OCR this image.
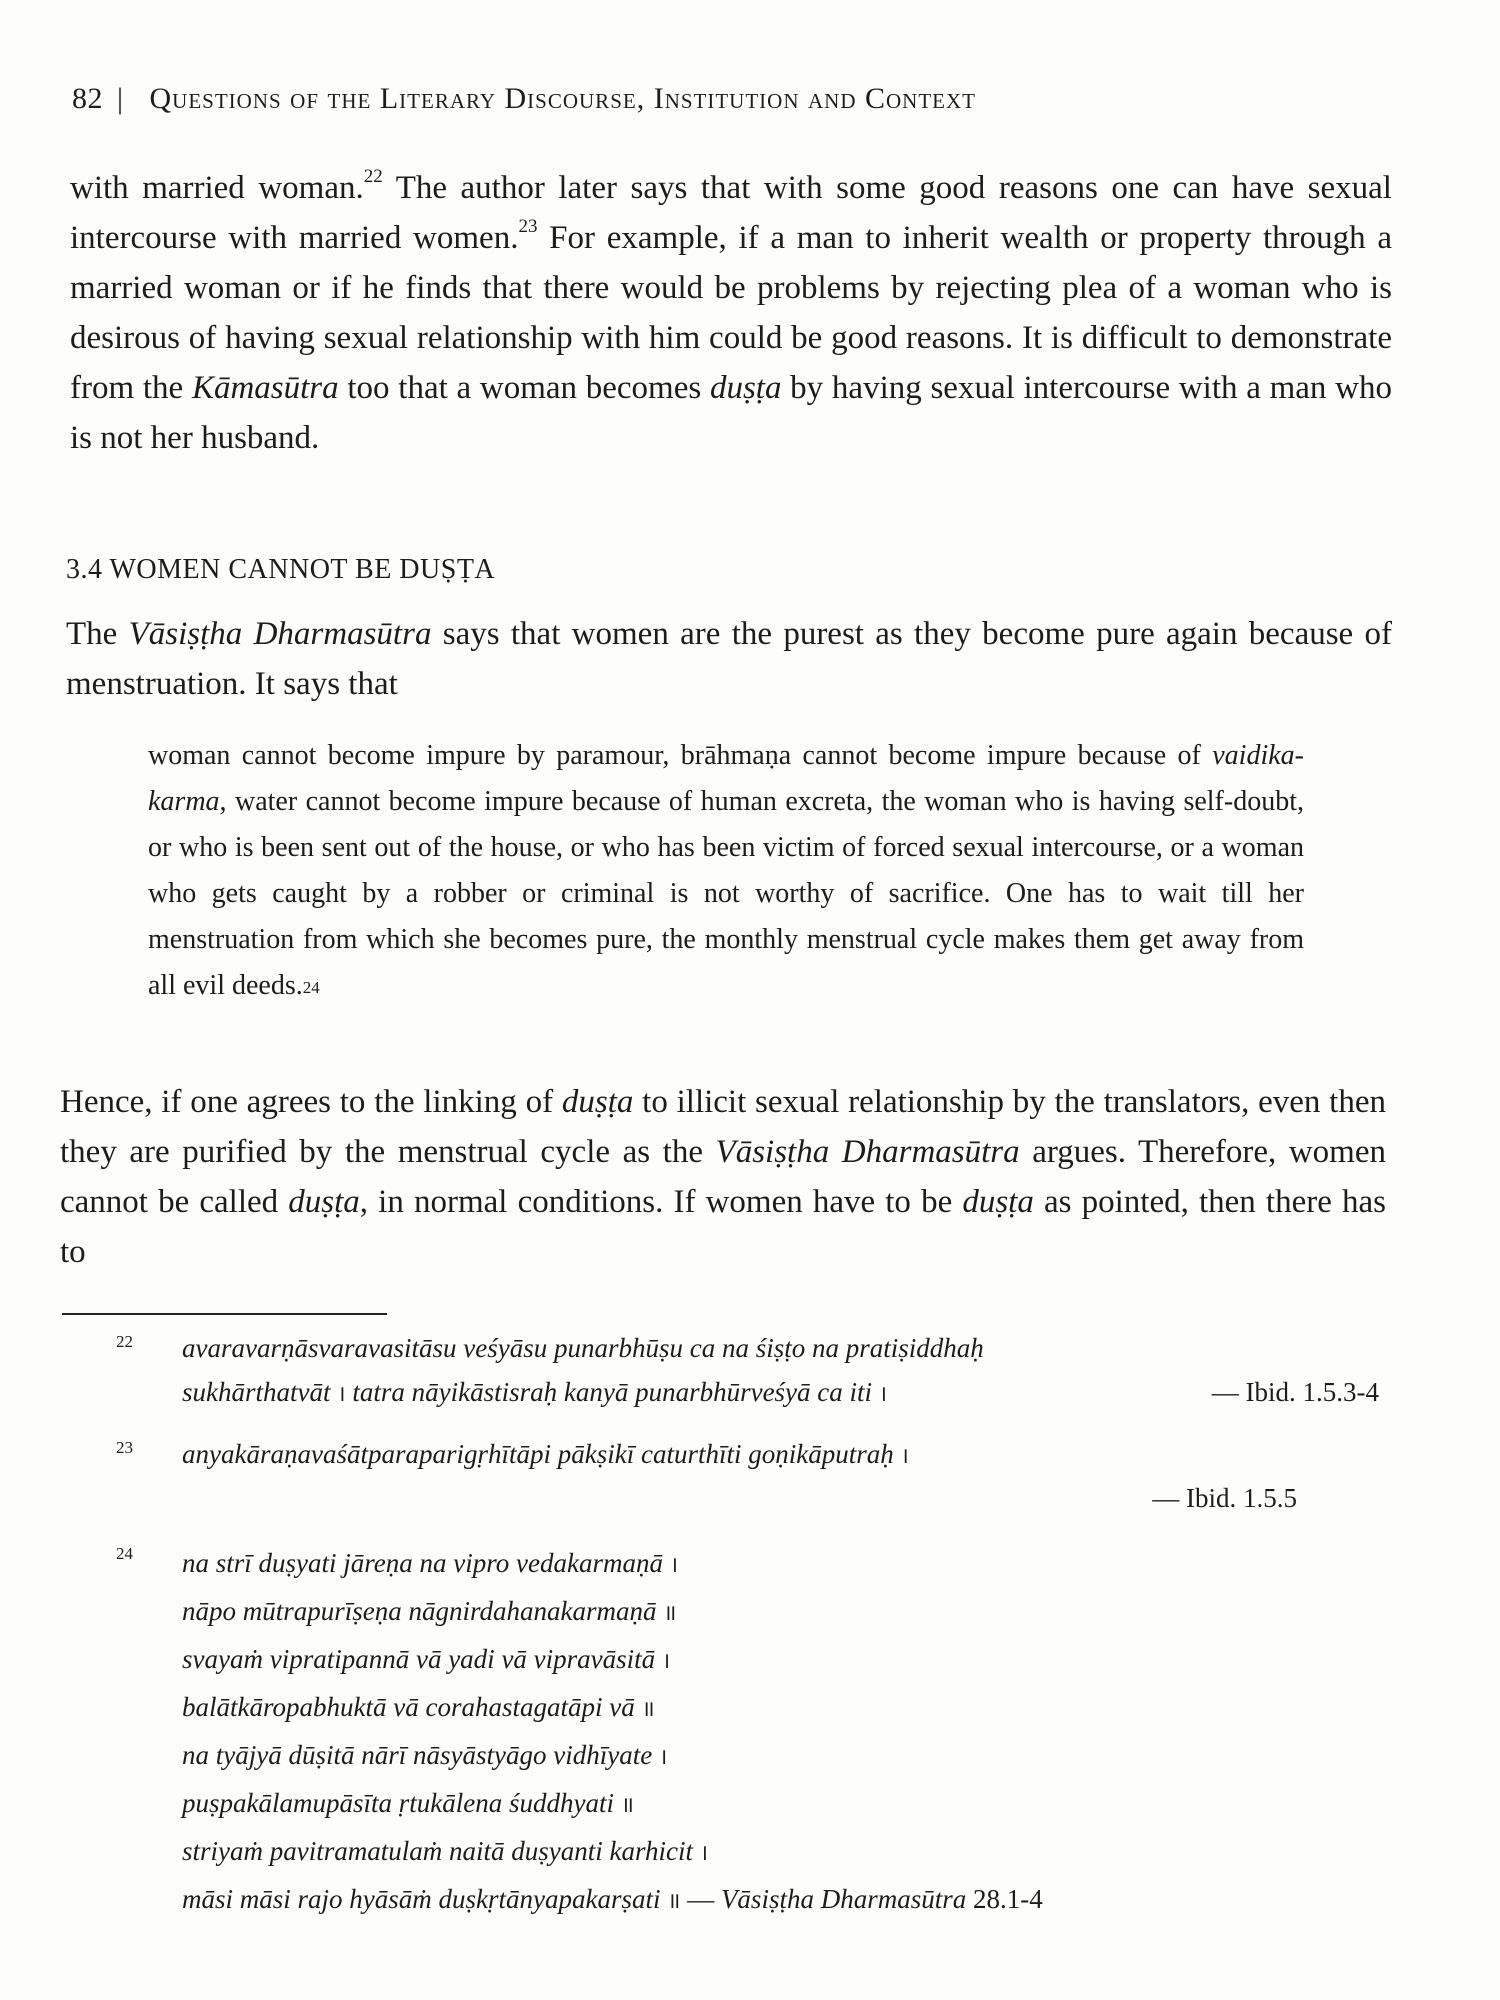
82 | Questions of the Literary Discourse, Institution and Context
with married woman.$^{22}$ The author later says that with some good reasons one can have sexual intercourse with married women.$^{23}$ For example, if a man to inherit wealth or property through a married woman or if he finds that there would be problems by rejecting plea of a woman who is desirous of having sexual relationship with him could be good reasons. It is difficult to demonstrate from the Kāmasūtra too that a woman becomes duṣṭa by having sexual intercourse with a man who is not her husband.
3.4 WOMEN CANNOT BE DUṢṬA
The Vāsiṣṭha Dharmasūtra says that women are the purest as they become pure again because of menstruation. It says that
woman cannot become impure by paramour, brāhmaṇa cannot become impure because of vaidika-karma, water cannot become impure because of human excreta, the woman who is having self-doubt, or who is been sent out of the house, or who has been victim of forced sexual intercourse, or a woman who gets caught by a robber or criminal is not worthy of sacrifice. One has to wait till her menstruation from which she becomes pure, the monthly menstrual cycle makes them get away from all evil deeds.$^{24}$
Hence, if one agrees to the linking of duṣṭa to illicit sexual relationship by the translators, even then they are purified by the menstrual cycle as the Vāsiṣṭha Dharmasūtra argues. Therefore, women cannot be called duṣṭa, in normal conditions. If women have to be duṣṭa as pointed, then there has to
22 avaravarṇāsvaravasitāsu veśyāsu punarbhūṣu ca na śiṣṭo na pratiṣiddhaḥ
sukhārthatvāt । tatra nāyikāstisraḥ kanyā punarbhūrveśyā ca iti ।	— Ibid. 1.5.3-4
23 anyakāraṇavaśātparaparigṛhītāpi pākṣikī caturthīti goṇikāputraḥ ।
— Ibid. 1.5.5

24 na strī duṣyati jāreṇa na vipro vedakarmaṇā ।
nāpo mūtrapurīṣeṇa nāgnirdahanakarmaṇā ॥
svayaṁ vipratipannā vā yadi vā vipravāsitā ।
balātkāropabhuktā vā corahastagatāpi vā ॥
na tyājyā dūṣitā nārī nāsyāstyāgo vidhīyate ।
puṣpakālamupāsīta ṛtukālena śuddhyati ॥
striyaṁ pavitramatulaṁ naitā duṣyanti karhicit ।
māsi māsi rajo hyāsāṁ duṣkṛtānyapakarṣati ॥ — Vāsiṣṭha Dharmasūtra 28.1-4
